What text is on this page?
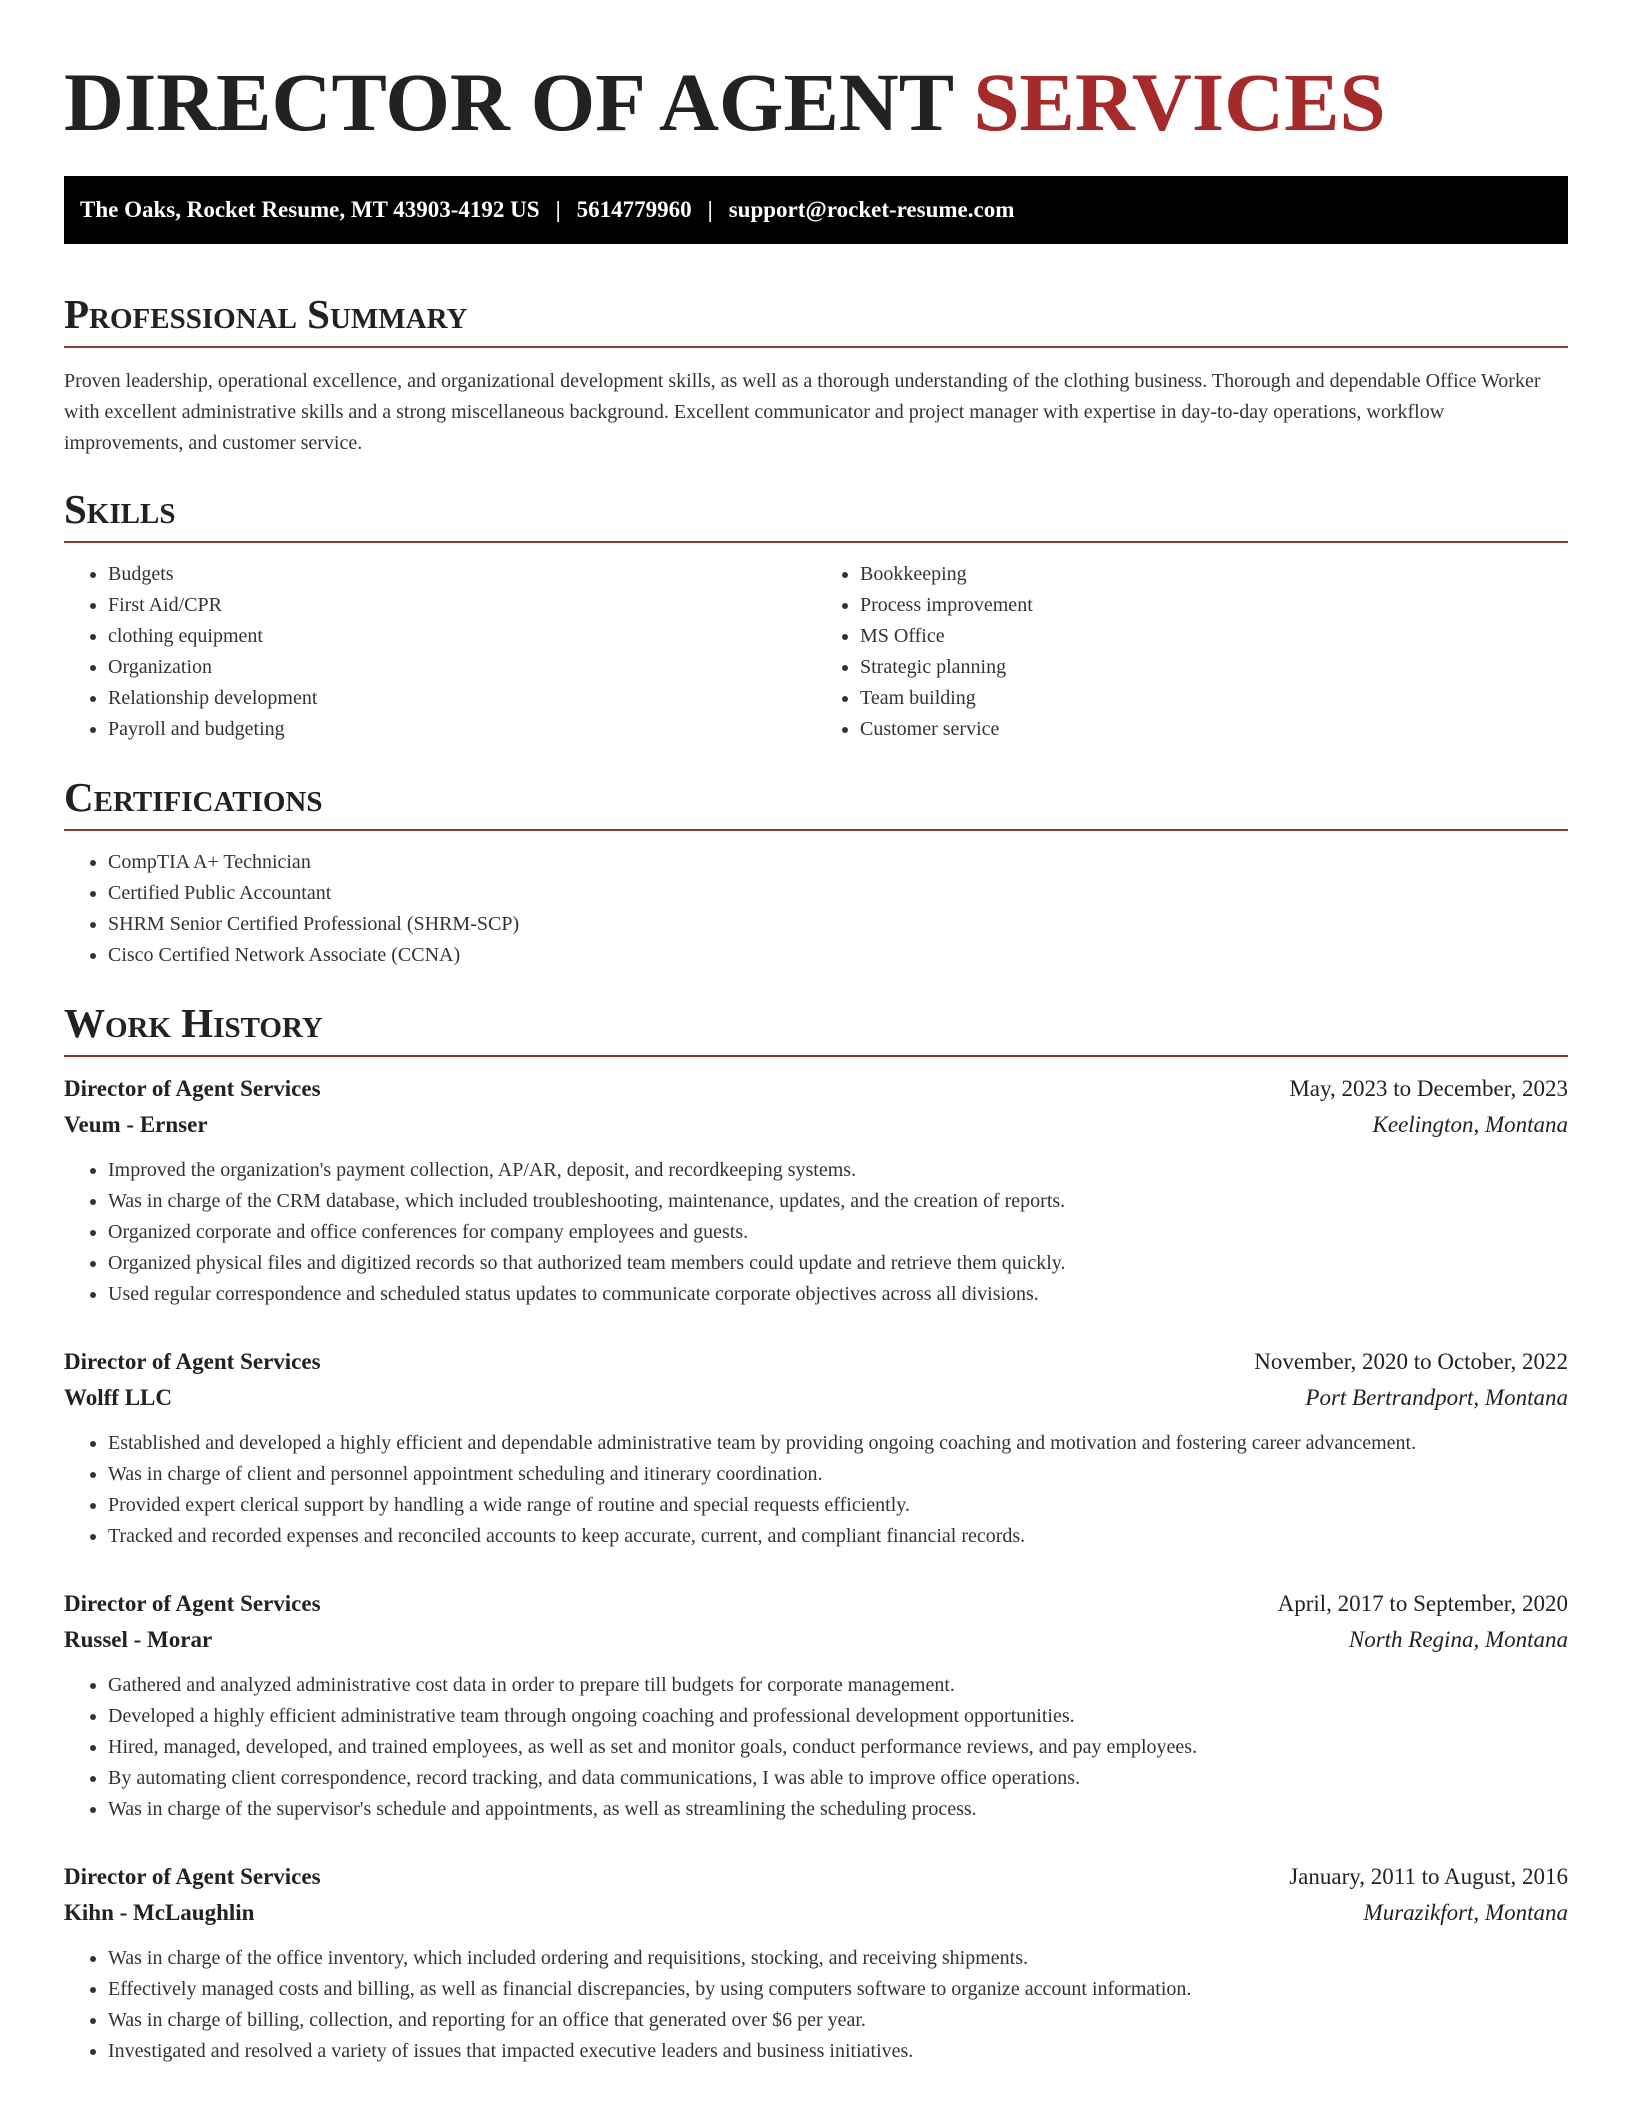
DIRECTOR OF AGENT SERVICES
The Oaks, Rocket Resume, MT 43903-4192 US | 5614779960 | support@rocket-resume.com
Professional Summary

Proven leadership, operational excellence, and organizational development skills, as well as a thorough understanding of the clothing business. Thorough and dependable Office Worker with excellent administrative skills and a strong miscellaneous background. Excellent communicator and project manager with expertise in day-to-day operations, workflow improvements, and customer service.

Skills
• Budgets
• First Aid/CPR
• clothing equipment
• Organization
• Relationship development
• Payroll and budgeting
• Bookkeeping
• Process improvement
• MS Office
• Strategic planning
• Team building
• Customer service
Certifications
• CompTIA A+ Technician
• Certified Public Accountant
• SHRM Senior Certified Professional (SHRM-SCP)
• Cisco Certified Network Associate (CCNA)
Work History
Director of Agent Services	May, 2023 to December, 2023
Veum - Ernser	Keelington, Montana
• Improved the organization's payment collection, AP/AR, deposit, and recordkeeping systems.
• Was in charge of the CRM database, which included troubleshooting, maintenance, updates, and the creation of reports.
• Organized corporate and office conferences for company employees and guests.
• Organized physical files and digitized records so that authorized team members could update and retrieve them quickly.
• Used regular correspondence and scheduled status updates to communicate corporate objectives across all divisions.
Director of Agent Services	November, 2020 to October, 2022
Wolff LLC	Port Bertrandport, Montana
• Established and developed a highly efficient and dependable administrative team by providing ongoing coaching and motivation and fostering career advancement.
• Was in charge of client and personnel appointment scheduling and itinerary coordination.
• Provided expert clerical support by handling a wide range of routine and special requests efficiently.
• Tracked and recorded expenses and reconciled accounts to keep accurate, current, and compliant financial records.
Director of Agent Services	April, 2017 to September, 2020
Russel - Morar	North Regina, Montana
• Gathered and analyzed administrative cost data in order to prepare till budgets for corporate management.
• Developed a highly efficient administrative team through ongoing coaching and professional development opportunities.
• Hired, managed, developed, and trained employees, as well as set and monitor goals, conduct performance reviews, and pay employees.
• By automating client correspondence, record tracking, and data communications, I was able to improve office operations.
• Was in charge of the supervisor's schedule and appointments, as well as streamlining the scheduling process.
Director of Agent Services	January, 2011 to August, 2016
Kihn - McLaughlin	Murazikfort, Montana
• Was in charge of the office inventory, which included ordering and requisitions, stocking, and receiving shipments.
• Effectively managed costs and billing, as well as financial discrepancies, by using computers software to organize account information.
• Was in charge of billing, collection, and reporting for an office that generated over $6 per year.
• Investigated and resolved a variety of issues that impacted executive leaders and business initiatives.
